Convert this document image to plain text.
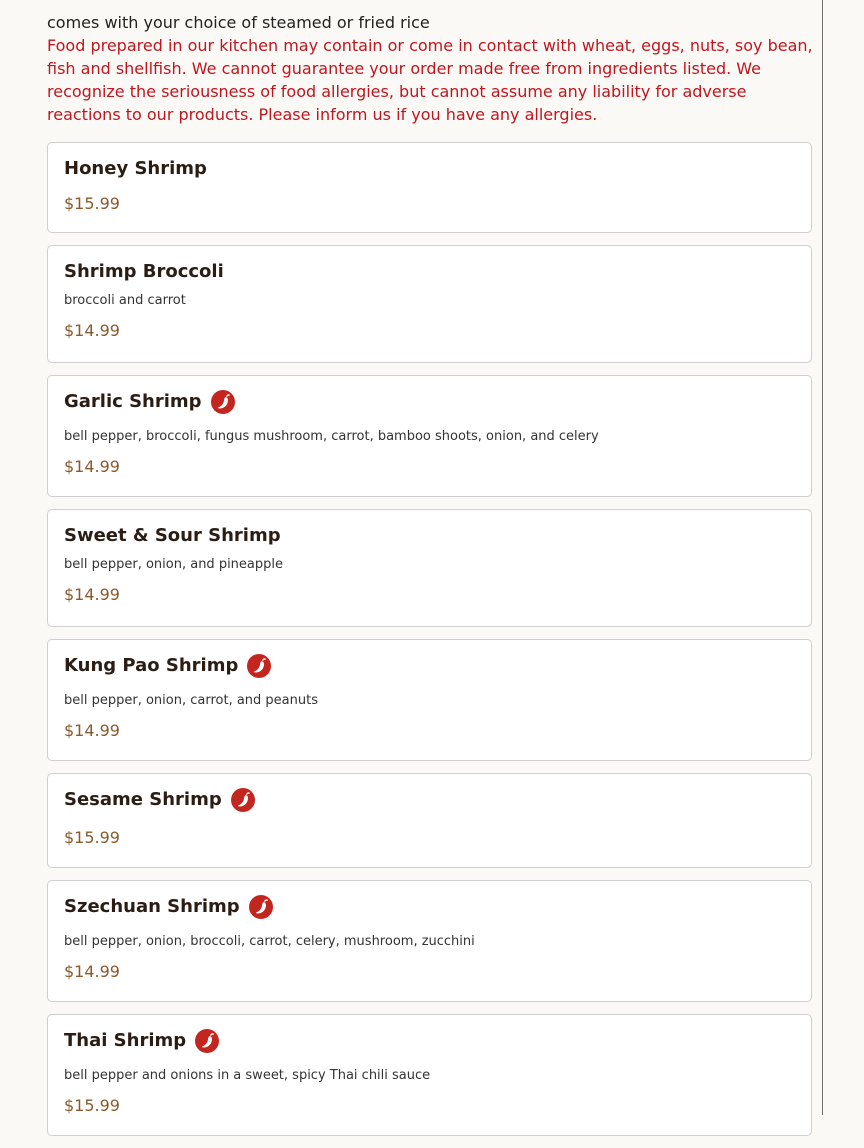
comes with your choice of steamed or fried rice
Food prepared in our kitchen may contain or come in contact with wheat, eggs, nuts, soy bean, fish and shellfish. We cannot guarantee your order made free from ingredients listed. We recognize the seriousness of food allergies, but cannot assume any liability for adverse reactions to our products. Please inform us if you have any allergies.
Honey Shrimp
$15.99
Shrimp Broccoli
broccoli and carrot
$14.99
Garlic Shrimp
bell pepper, broccoli, fungus mushroom, carrot, bamboo shoots, onion, and celery
$14.99
Sweet & Sour Shrimp
bell pepper, onion, and pineapple
$14.99
Kung Pao Shrimp
bell pepper, onion, carrot, and peanuts
$14.99
Sesame Shrimp
$15.99
Szechuan Shrimp
bell pepper, onion, broccoli, carrot, celery, mushroom, zucchini
$14.99
Thai Shrimp
bell pepper and onions in a sweet, spicy Thai chili sauce
$15.99
